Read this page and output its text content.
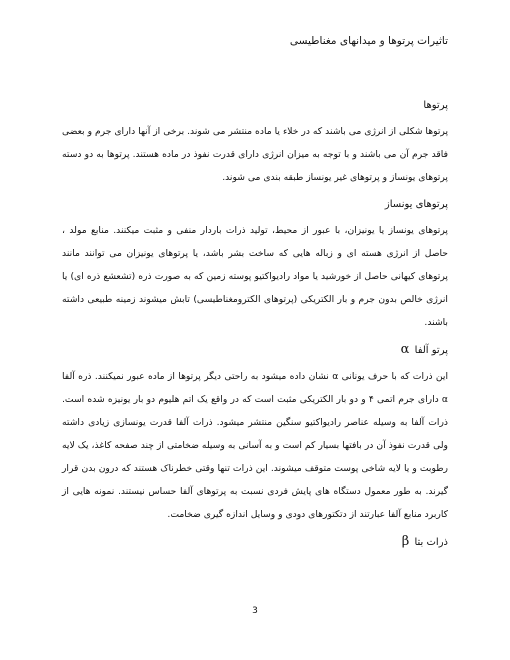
تاثیرات پرتوها و میدانهای مغناطیسی

پرتوها

پرتوها شکلی از انرژی می باشند که در خلاء یا ماده منتشر می شوند. برخی از آنها دارای جرم و بعضی فاقد جرم آن می باشند و با توجه به میزان انرژی دارای قدرت نفوذ در ماده هستند. پرتوها به دو دسته پرتوهای یونساز و پرتوهای غیر یونساز طبقه بندی می شوند.

پرتوهای یونساز

پرتوهای یونساز یا یونیزان، با عبور از محیط، تولید ذرات باردار منفی و مثبت میکنند. منابع مولد ، حاصل از انرژی هسته ای و زباله هایی که ساخت بشر باشد، یا پرتوهای یونیزان می توانند مانند پرتوهای کیهانی حاصل از خورشید یا مواد رادیواکتیو پوسته زمین که به صورت ذره (تشعشع ذره ای) یا انرژی خالص بدون جرم و بار الکتریکی (پرتوهای الکترومغناطیسی) تابش میشوند زمینه طبیعی داشته باشند.

پرتو آلفا α

این ذرات که با حرف یونانی α نشان داده میشود به راحتی دیگر پرتوها از ماده عبور نمیکنند. ذره آلفا α دارای جرم اتمی ۴ و دو بار الکتریکی مثبت است که در واقع یک اتم هلیوم دو بار یونیزه شده است. ذرات آلفا به وسیله عناصر رادیواکتیو سنگین منتشر میشود. ذرات آلفا قدرت یونسازی زیادی داشته ولی قدرت نفوذ آن در بافتها بسیار کم است و به آسانی به وسیله ضخامتی از چند صفحه کاغذ، یک لایه رطوبت و یا لایه شاخی پوست متوقف میشوند. این ذرات تنها وقتی خطرناک هستند که درون بدن قرار گیرند. به طور معمول دستگاه های پایش فردی نسبت به پرتوهای آلفا حساس نیستند. نمونه هایی از کاربرد منابع آلفا عبارتند از دتکتورهای دودی و وسایل اندازه گیری ضخامت.

ذرات بتا β

3
